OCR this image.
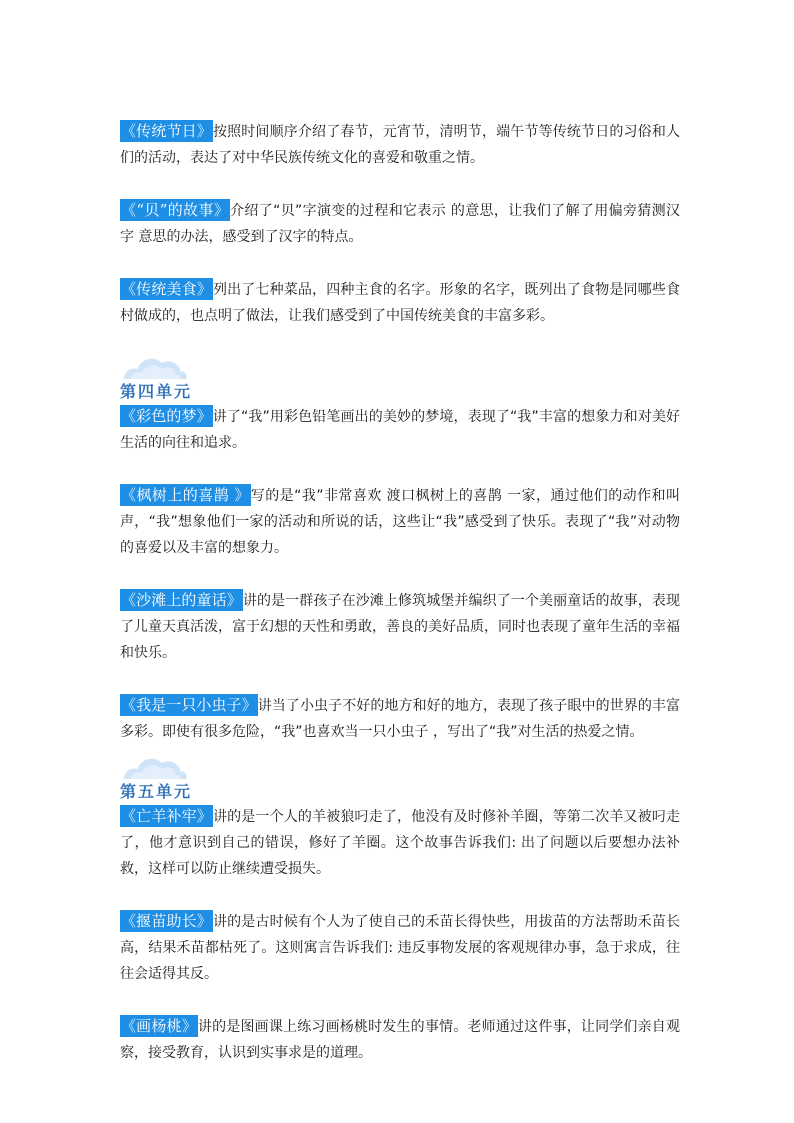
《传统节日》按照时间顺序介绍了春节，元宵节，清明节，端午节等传统节日的习俗和人们的活动，表达了对中华民族传统文化的喜爱和敬重之情。

《“贝”的故事》介绍了“贝”字演变的过程和它表示 的意思，让我们了解了用偏旁猜测汉字 意思的办法，感受到了汉字的特点。

《传统美食》列出了七种菜品，四种主食的名字。形象的名字，既列出了食物是同哪些食村做成的，也点明了做法，让我们感受到了中国传统美食的丰富多彩。

第四单元

《彩色的梦》讲了“我”用彩色铅笔画出的美妙的梦境，表现了“我”丰富的想象力和对美好生活的向往和追求。

《枫树上的喜鹊 》写的是“我”非常喜欢 渡口枫树上的喜鹊 一家，通过他们的动作和叫声，“我”想象他们一家的活动和所说的话，这些让“我”感受到了快乐。表现了“我”对动物的喜爱以及丰富的想象力。

《沙滩上的童话》讲的是一群孩子在沙滩上修筑城堡并编织了一个美丽童话的故事，表现了儿童天真活泼，富于幻想的天性和勇敢，善良的美好品质，同时也表现了童年生活的幸福和快乐。

《我是一只小虫子》讲当了小虫子不好的地方和好的地方，表现了孩子眼中的世界的丰富多彩。即使有很多危险，“我”也喜欢当一只小虫子 ，写出了“我”对生活的热爱之情。

第五单元

《亡羊补牢》讲的是一个人的羊被狼叼走了，他没有及时修补羊圈，等第二次羊又被叼走了，他才意识到自己的错误，修好了羊圈。这个故事告诉我们: 出了问题以后要想办法补救，这样可以防止继续遭受损失。

《揠苗助长》讲的是古时候有个人为了使自己的禾苗长得快些，用拔苗的方法帮助禾苗长高，结果禾苗都枯死了。这则寓言告诉我们: 违反事物发展的客观规律办事，急于求成，往往会适得其反。

《画杨桃》讲的是图画课上练习画杨桃时发生的事情。老师通过这件事，让同学们亲自观察，接受教育，认识到实事求是的道理。
